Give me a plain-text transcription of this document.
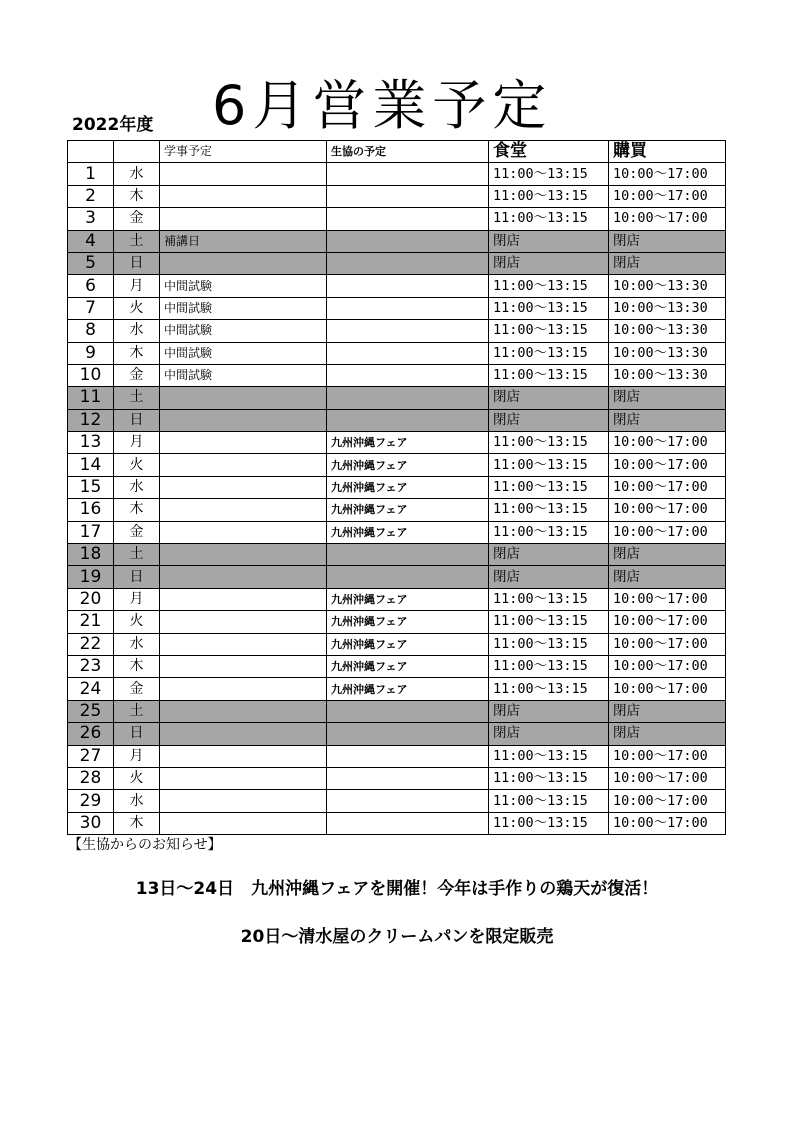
2022年度 6月営業予定
		学事予定	生協の予定	食堂	購買
1	水			11:00～13:15	10:00～17:00
2	木			11:00～13:15	10:00～17:00
3	金			11:00～13:15	10:00～17:00
4	土	補講日		閉店	閉店
5	日			閉店	閉店
6	月	中間試験		11:00～13:15	10:00～13:30
7	火	中間試験		11:00～13:15	10:00～13:30
8	水	中間試験		11:00～13:15	10:00～13:30
9	木	中間試験		11:00～13:15	10:00～13:30
10	金	中間試験		11:00～13:15	10:00～13:30
11	土			閉店	閉店
12	日			閉店	閉店
13	月		九州沖縄フェア	11:00～13:15	10:00～17:00
14	火		九州沖縄フェア	11:00～13:15	10:00～17:00
15	水		九州沖縄フェア	11:00～13:15	10:00～17:00
16	木		九州沖縄フェア	11:00～13:15	10:00～17:00
17	金		九州沖縄フェア	11:00～13:15	10:00～17:00
18	土			閉店	閉店
19	日			閉店	閉店
20	月		九州沖縄フェア	11:00～13:15	10:00～17:00
21	火		九州沖縄フェア	11:00～13:15	10:00～17:00
22	水		九州沖縄フェア	11:00～13:15	10:00～17:00
23	木		九州沖縄フェア	11:00～13:15	10:00～17:00
24	金		九州沖縄フェア	11:00～13:15	10:00～17:00
25	土			閉店	閉店
26	日			閉店	閉店
27	月			11:00～13:15	10:00～17:00
28	火			11:00～13:15	10:00～17:00
29	水			11:00～13:15	10:00～17:00
30	木			11:00～13:15	10:00～17:00
【生協からのお知らせ】
13日～24日　九州沖縄フェアを開催！今年は手作りの鶏天が復活！
20日～清水屋のクリームパンを限定販売
